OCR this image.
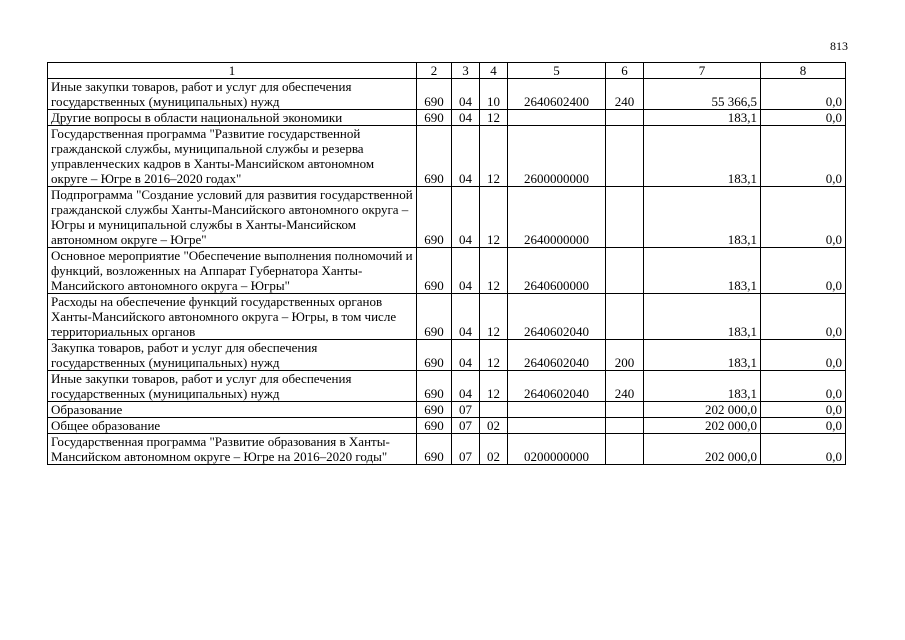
813
1	2	3	4	5	6	7	8
Иные закупки товаров, работ и услуг для обеспечения государственных (муниципальных) нужд	690	04	10	2640602400	240	55 366,5	0,0
Другие вопросы в области национальной экономики	690	04	12			183,1	0,0
Государственная программа "Развитие государственной гражданской службы, муниципальной службы и резерва управленческих кадров в Ханты-Мансийском автономном округе – Югре в 2016–2020 годах"	690	04	12	2600000000		183,1	0,0
Подпрограмма "Создание условий для развития государственной гражданской службы Ханты-Мансийского автономного округа – Югры и муниципальной службы в Ханты-Мансийском автономном округе – Югре"	690	04	12	2640000000		183,1	0,0
Основное мероприятие "Обеспечение выполнения полномочий и функций, возложенных на Аппарат Губернатора Ханты-Мансийского автономного округа – Югры"	690	04	12	2640600000		183,1	0,0
Расходы на обеспечение функций государственных органов Ханты-Мансийского автономного округа – Югры, в том числе территориальных органов	690	04	12	2640602040		183,1	0,0
Закупка товаров, работ и услуг для обеспечения государственных (муниципальных) нужд	690	04	12	2640602040	200	183,1	0,0
Иные закупки товаров, работ и услуг для обеспечения государственных (муниципальных) нужд	690	04	12	2640602040	240	183,1	0,0
Образование	690	07				202 000,0	0,0
Общее образование	690	07	02			202 000,0	0,0
Государственная программа "Развитие образования в Ханты-Мансийском автономном округе – Югре на 2016–2020 годы"	690	07	02	0200000000		202 000,0	0,0
